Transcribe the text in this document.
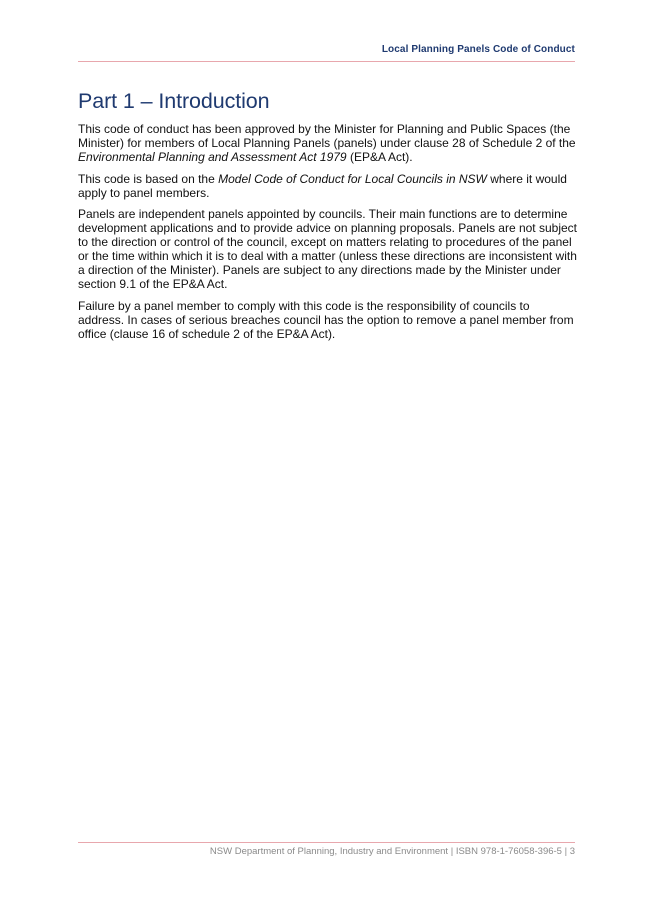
Local Planning Panels Code of Conduct
Part 1 – Introduction

This code of conduct has been approved by the Minister for Planning and Public Spaces (the Minister) for members of Local Planning Panels (panels) under clause 28 of Schedule 2 of the Environmental Planning and Assessment Act 1979 (EP&A Act).

This code is based on the Model Code of Conduct for Local Councils in NSW where it would apply to panel members.

Panels are independent panels appointed by councils. Their main functions are to determine development applications and to provide advice on planning proposals. Panels are not subject to the direction or control of the council, except on matters relating to procedures of the panel or the time within which it is to deal with a matter (unless these directions are inconsistent with a direction of the Minister). Panels are subject to any directions made by the Minister under section 9.1 of the EP&A Act.

Failure by a panel member to comply with this code is the responsibility of councils to address. In cases of serious breaches council has the option to remove a panel member from office (clause 16 of schedule 2 of the EP&A Act).

NSW Department of Planning, Industry and Environment | ISBN 978-1-76058-396-5 | 3
